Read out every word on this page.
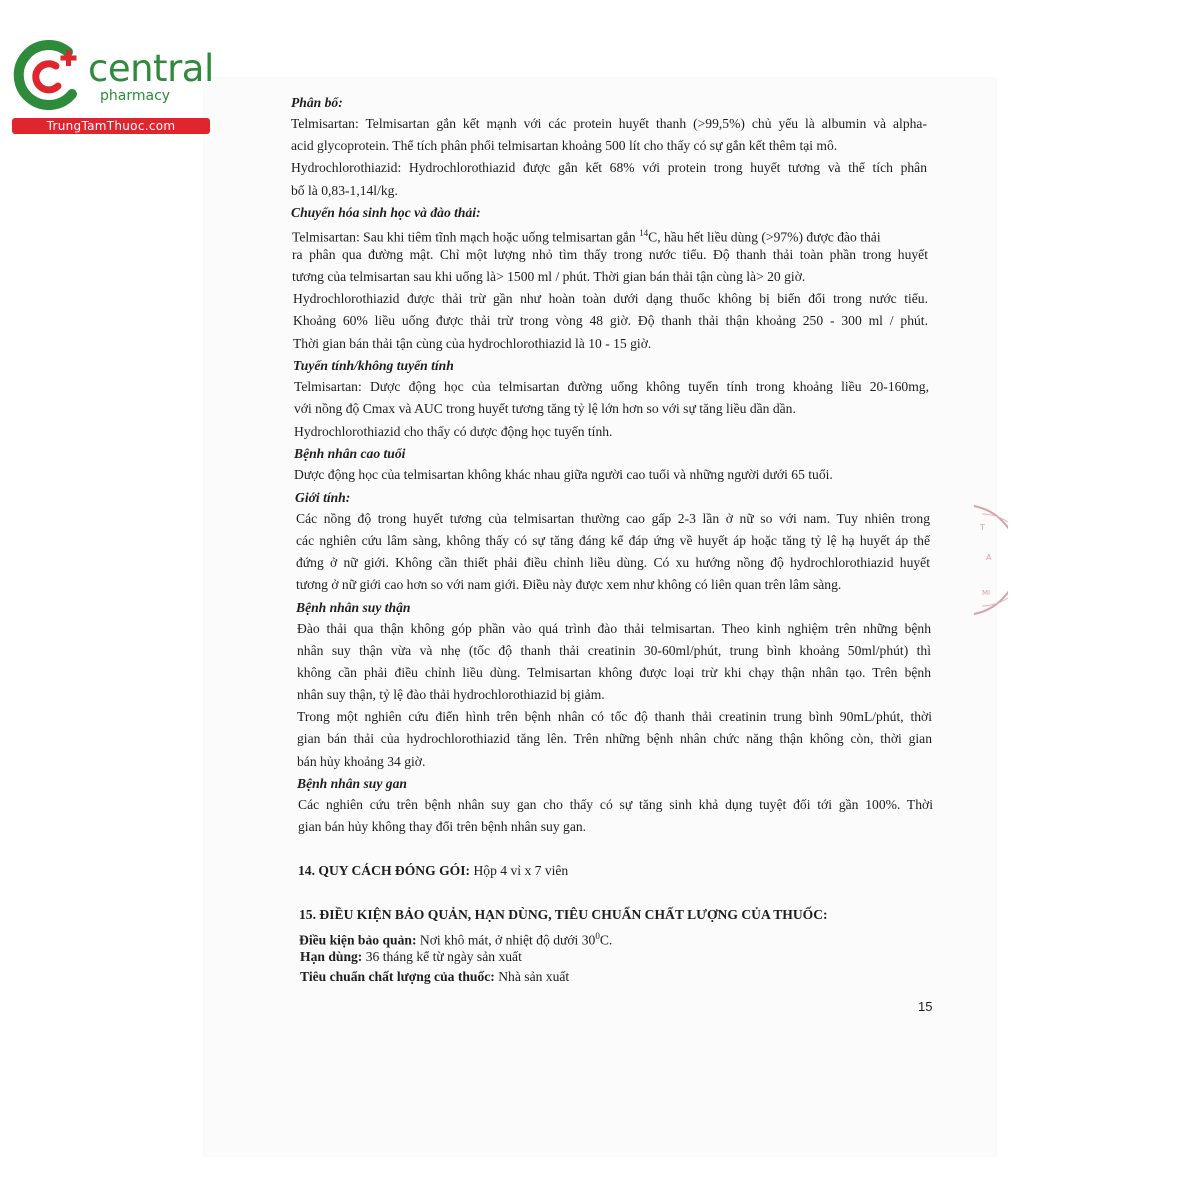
central
pharmacy
TrungTamThuoc.com
T
A
MI
Phân bố:
Telmisartan: Telmisartan gắn kết mạnh với các protein huyết thanh (>99,5%) chủ yếu là albumin và alpha-
acid glycoprotein. Thể tích phân phối telmisartan khoảng 500 lít cho thấy có sự gắn kết thêm tại mô.
Hydrochlorothiazid: Hydrochlorothiazid được gắn kết 68% với protein trong huyết tương và thể tích phân
bố là 0,83-1,14l/kg.
Chuyển hóa sinh học và đào thải:
Telmisartan: Sau khi tiêm tĩnh mạch hoặc uống telmisartan gắn $^{14}$C, hầu hết liều dùng (>97%) được đào thải
ra phân qua đường mật. Chỉ một lượng nhỏ tìm thấy trong nước tiểu. Độ thanh thải toàn phần trong huyết
tương của telmisartan sau khi uống là> 1500 ml / phút. Thời gian bán thải tận cùng là> 20 giờ.
Hydrochlorothiazid được thải trừ gần như hoàn toàn dưới dạng thuốc không bị biến đổi trong nước tiểu.
Khoảng 60% liều uống được thải trừ trong vòng 48 giờ. Độ thanh thải thận khoảng 250 - 300 ml / phút.
Thời gian bán thải tận cùng của hydrochlorothiazid là 10 - 15 giờ.
Tuyến tính/không tuyến tính
Telmisartan: Dược động học của telmisartan đường uống không tuyến tính trong khoảng liều 20-160mg,
với nồng độ Cmax và AUC trong huyết tương tăng tỷ lệ lớn hơn so với sự tăng liều dần dần.
Hydrochlorothiazid cho thấy có dược động học tuyến tính.
Bệnh nhân cao tuổi
Dược động học của telmisartan không khác nhau giữa người cao tuổi và những người dưới 65 tuổi.
Giới tính:
Các nồng độ trong huyết tương của telmisartan thường cao gấp 2-3 lần ở nữ so với nam. Tuy nhiên trong
các nghiên cứu lâm sàng, không thấy có sự tăng đáng kể đáp ứng về huyết áp hoặc tăng tỷ lệ hạ huyết áp thế
đứng ở nữ giới. Không cần thiết phải điều chỉnh liều dùng. Có xu hướng nồng độ hydrochlorothiazid huyết
tương ở nữ giới cao hơn so với nam giới. Điều này được xem như không có liên quan trên lâm sàng.
Bệnh nhân suy thận
Đào thải qua thận không góp phần vào quá trình đào thải telmisartan. Theo kinh nghiệm trên những bệnh
nhân suy thận vừa và nhẹ (tốc độ thanh thải creatinin 30-60ml/phút, trung bình khoảng 50ml/phút) thì
không cần phải điều chỉnh liều dùng. Telmisartan không được loại trừ khi chạy thận nhân tạo. Trên bệnh
nhân suy thận, tỷ lệ đào thải hydrochlorothiazid bị giảm.
Trong một nghiên cứu điển hình trên bệnh nhân có tốc độ thanh thải creatinin trung bình 90mL/phút, thời
gian bán thải của hydrochlorothiazid tăng lên. Trên những bệnh nhân chức năng thận không còn, thời gian
bán hủy khoảng 34 giờ.
Bệnh nhân suy gan
Các nghiên cứu trên bệnh nhân suy gan cho thấy có sự tăng sinh khả dụng tuyệt đối tới gần 100%. Thời
gian bán hủy không thay đổi trên bệnh nhân suy gan.
14. QUY CÁCH ĐÓNG GÓI: Hộp 4 vỉ x 7 viên
15. ĐIỀU KIỆN BẢO QUẢN, HẠN DÙNG, TIÊU CHUẨN CHẤT LƯỢNG CỦA THUỐC:
Điều kiện bảo quản: Nơi khô mát, ở nhiệt độ dưới $30^0C$.
Hạn dùng: 36 tháng kể từ ngày sản xuất
Tiêu chuẩn chất lượng của thuốc: Nhà sản xuất
15
